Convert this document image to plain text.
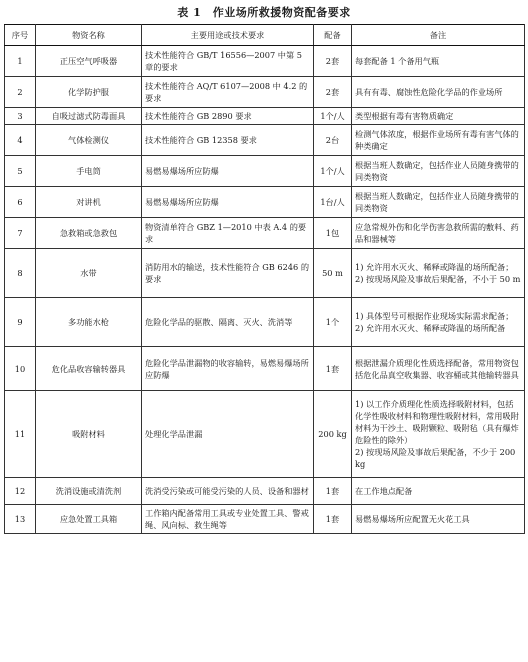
表 1　作业场所救援物资配备要求
序号	物资名称	主要用途或技术要求	配备	备注
1	正压空气呼吸器	技术性能符合 GB/T 16556—2007 中第 5 章的要求	2套	每套配备 1 个备用气瓶
2	化学防护服	技术性能符合 AQ/T 6107—2008 中 4.2 的要求	2套	具有有毒、腐蚀性危险化学品的作业场所
3	自吸过滤式防毒面具	技术性能符合 GB 2890 要求	1个/人	类型根据有毒有害物质确定
4	气体检测仪	技术性能符合 GB 12358 要求	2台	检测气体浓度，根据作业场所有毒有害气体的种类确定
5	手电筒	易燃易爆场所应防爆	1个/人	根据当班人数确定，包括作业人员随身携带的同类物资
6	对讲机	易燃易爆场所应防爆	1台/人	根据当班人数确定，包括作业人员随身携带的同类物资
7	急救箱或急救包	物资清单符合 GBZ 1—2010 中表 A.4 的要求	1包	应急常规外伤和化学伤害急救所需的敷料、药品和器械等
8	水带	消防用水的输送，技术性能符合 GB 6246 的要求	50 m	1) 允许用水灭火、稀释或降温的场所配备；
2) 按现场风险及事故后果配备，不小于 50 m
9	多功能水枪	危险化学品的驱散、隔离、灭火、洗消等	1个	1) 具体型号可根据作业现场实际需求配备；
2) 允许用水灭火、稀释或降温的场所配备
10	危化品收容输转器具	危险化学品泄漏物的收容输转，易燃易爆场所应防爆	1套	根据泄漏介质理化性质选择配备，常用物资包括危化品真空收集器、收容桶或其他输转器具
11	吸附材料	处理化学品泄漏	200 kg	1) 以工作介质理化性质选择吸附材料，包括化学性吸收材料和物理性吸附材料，常用吸附材料为干沙土、吸附颗粒、吸附毡（具有爆炸危险性的除外）
2) 按现场风险及事故后果配备，不少于 200 kg
12	洗消设施或清洗剂	洗消受污染或可能受污染的人员、设备和器材	1套	在工作地点配备
13	应急处置工具箱	工作箱内配备常用工具或专业处置工具、警戒绳、风向标、救生绳等	1套	易燃易爆场所应配置无火花工具
